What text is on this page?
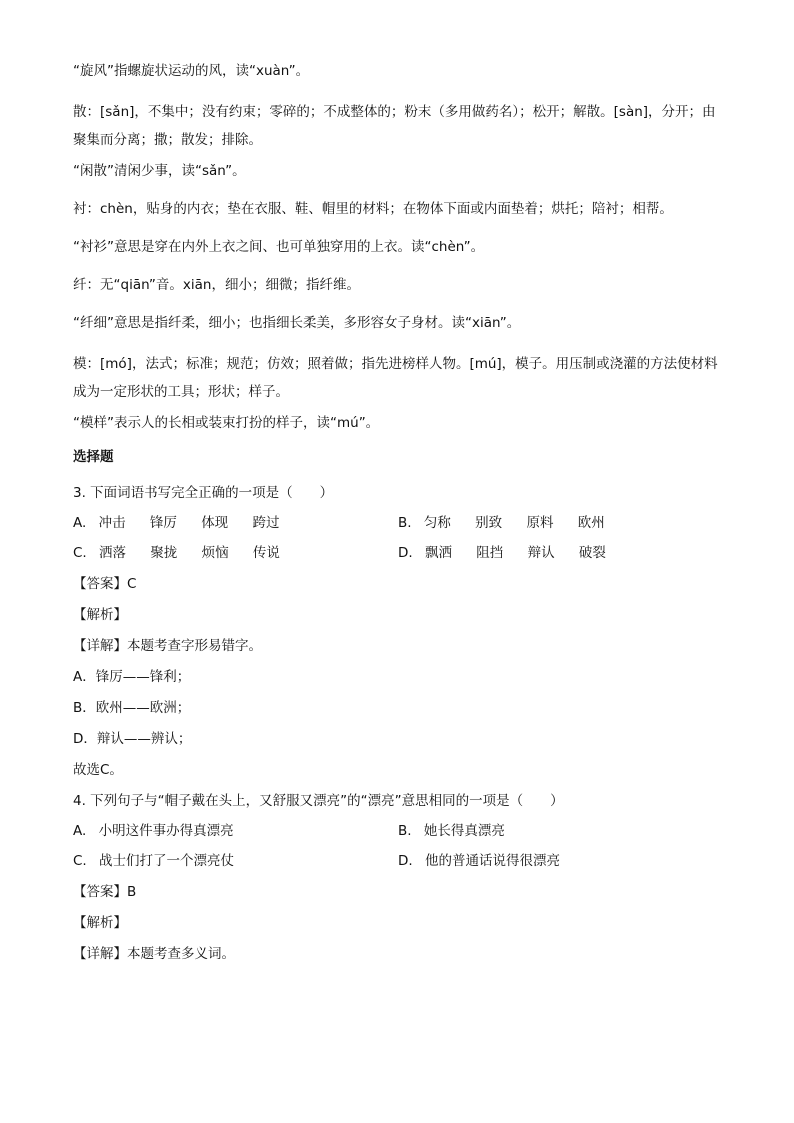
“旋风”指螺旋状运动的风，读“xuàn”。

散：[sǎn]，不集中；没有约束；零碎的；不成整体的；粉末（多用做药名）；松开；解散。[sàn]，分开；由聚集而分离；撒；散发；排除。

“闲散”清闲少事，读“sǎn”。

衬：chèn，贴身的内衣；垫在衣服、鞋、帽里的材料；在物体下面或内面垫着；烘托；陪衬；相帮。

“衬衫”意思是穿在内外上衣之间、也可单独穿用的上衣。读“chèn”。

纤：无“qiān”音。xiān，细小；细微；指纤维。

“纤细”意思是指纤柔，细小；也指细长柔美，多形容女子身材。读“xiān”。

模：[mó]，法式；标准；规范；仿效；照着做；指先进榜样人物。[mú]，模子。用压制或浇灌的方法使材料成为一定形状的工具；形状；样子。

“模样”表示人的长相或装束打扮的样子，读“mú”。

选择题

3. 下面词语书写完全正确的一项是（　　）

A. 冲击 锋厉 体现 跨过	B. 匀称 别致 原料 欧州
C. 洒落 聚拢 烦恼 传说	D. 飘洒 阻挡 辩认 破裂

【答案】C

【解析】

【详解】本题考查字形易错字。

A．锋厉——锋利；

B．欧州——欧洲；

D．辩认——辨认；

故选C。

4. 下列句子与“帽子戴在头上，又舒服又漂亮”的“漂亮”意思相同的一项是（　　）

A. 小明这件事办得真漂亮	B. 她长得真漂亮
C. 战士们打了一个漂亮仗	D. 他的普通话说得很漂亮

【答案】B

【解析】

【详解】本题考查多义词。
